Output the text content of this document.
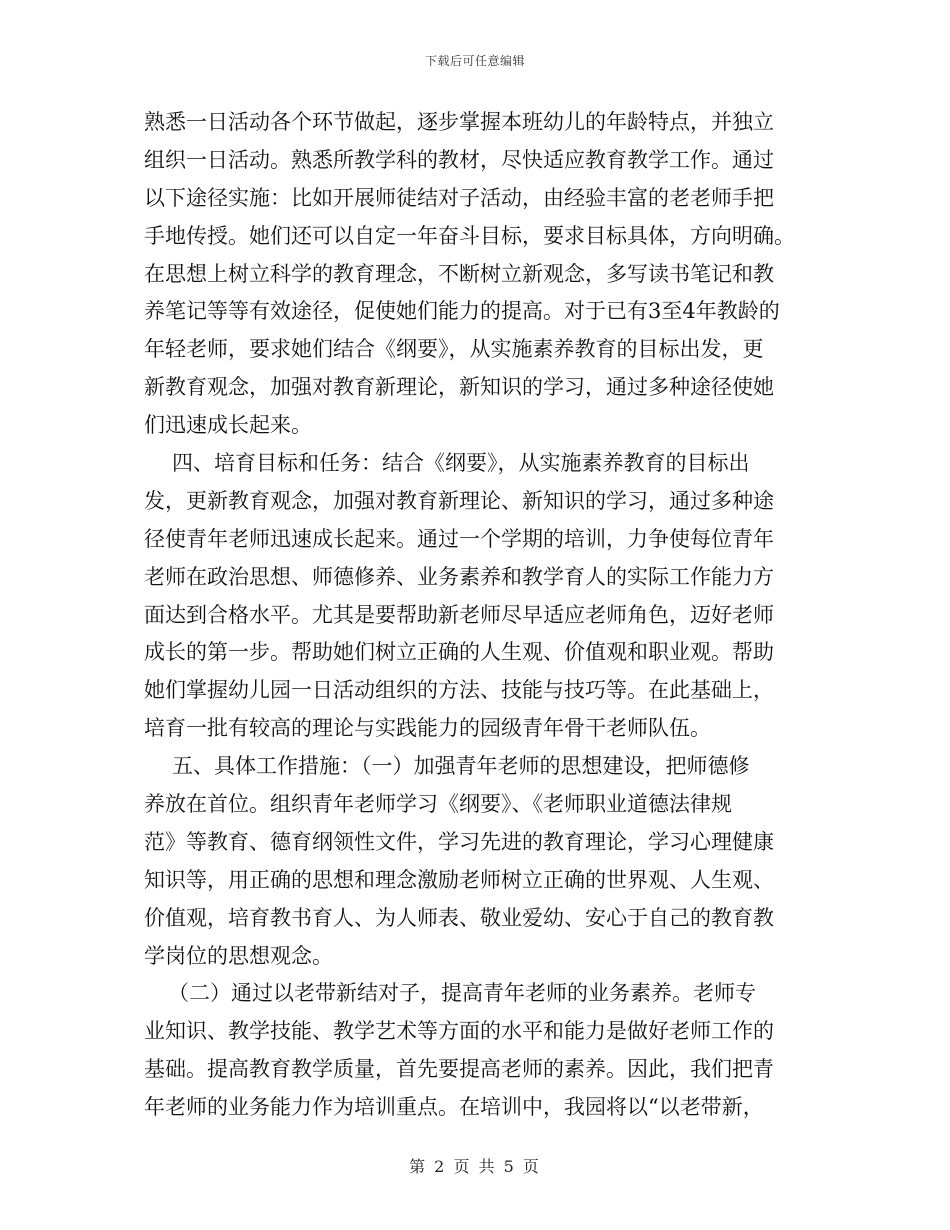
下载后可任意编辑
熟悉一日活动各个环节做起，逐步掌握本班幼儿的年龄特点，并独立
组织一日活动。熟悉所教学科的教材，尽快适应教育教学工作。通过
以下途径实施：比如开展师徒结对子活动，由经验丰富的老老师手把
手地传授。她们还可以自定一年奋斗目标，要求目标具体，方向明确。
在思想上树立科学的教育理念，不断树立新观念，多写读书笔记和教
养笔记等等有效途径，促使她们能力的提高。对于已有3至4年教龄的
年轻老师，要求她们结合《纲要》，从实施素养教育的目标出发，更
新教育观念，加强对教育新理论，新知识的学习，通过多种途径使她
们迅速成长起来。
四、培育目标和任务：结合《纲要》，从实施素养教育的目标出
发，更新教育观念，加强对教育新理论、新知识的学习，通过多种途
径使青年老师迅速成长起来。通过一个学期的培训，力争使每位青年
老师在政治思想、师德修养、业务素养和教学育人的实际工作能力方
面达到合格水平。尤其是要帮助新老师尽早适应老师角色，迈好老师
成长的第一步。帮助她们树立正确的人生观、价值观和职业观。帮助
她们掌握幼儿园一日活动组织的方法、技能与技巧等。在此基础上，
培育一批有较高的理论与实践能力的园级青年骨干老师队伍。
五、具体工作措施：（一）加强青年老师的思想建设，把师德修
养放在首位。组织青年老师学习《纲要》、《老师职业道德法律规
范》等教育、德育纲领性文件，学习先进的教育理论，学习心理健康
知识等，用正确的思想和理念激励老师树立正确的世界观、人生观、
价值观，培育教书育人、为人师表、敬业爱幼、安心于自己的教育教
学岗位的思想观念。
（二）通过以老带新结对子，提高青年老师的业务素养。老师专
业知识、教学技能、教学艺术等方面的水平和能力是做好老师工作的
基础。提高教育教学质量，首先要提高老师的素养。因此，我们把青
年老师的业务能力作为培训重点。在培训中，我园将以“以老带新，
第 2 页 共 5 页
